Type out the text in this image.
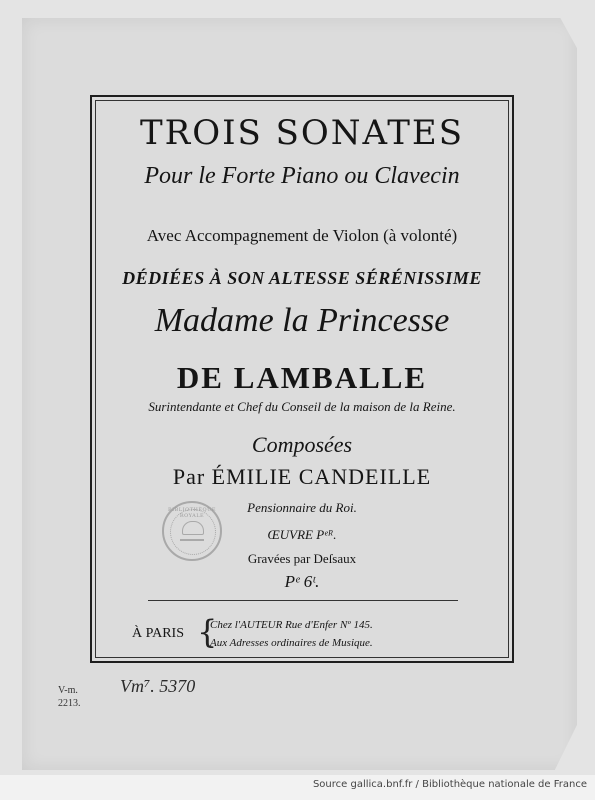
TROIS SONATES
Pour le Forte Piano ou Clavecin
Avec Accompagnement de Violon (à volonté)
DÉDIÉES À SON ALTESSE SÉRÉNISSIME
Madame la Princesse
DE LAMBALLE
Surintendante et Chef du Conseil de la maison de la Reine.
Composées
Par ÉMILIE CANDEILLE
Pensionnaire du Roi.
ŒUVRE Pᵉᴿ.
Gravées par Deſsaux
Pᵉ 6ᵗ.
BIBLIOTHÈQUE ROYALE
À PARIS {
Chez l'AUTEUR Rue d'Enfer Nº 145.
Aux Adresses ordinaires de Musique.
V-m.
2213.
Vm⁷. 5370
Source gallica.bnf.fr / Bibliothèque nationale de France
